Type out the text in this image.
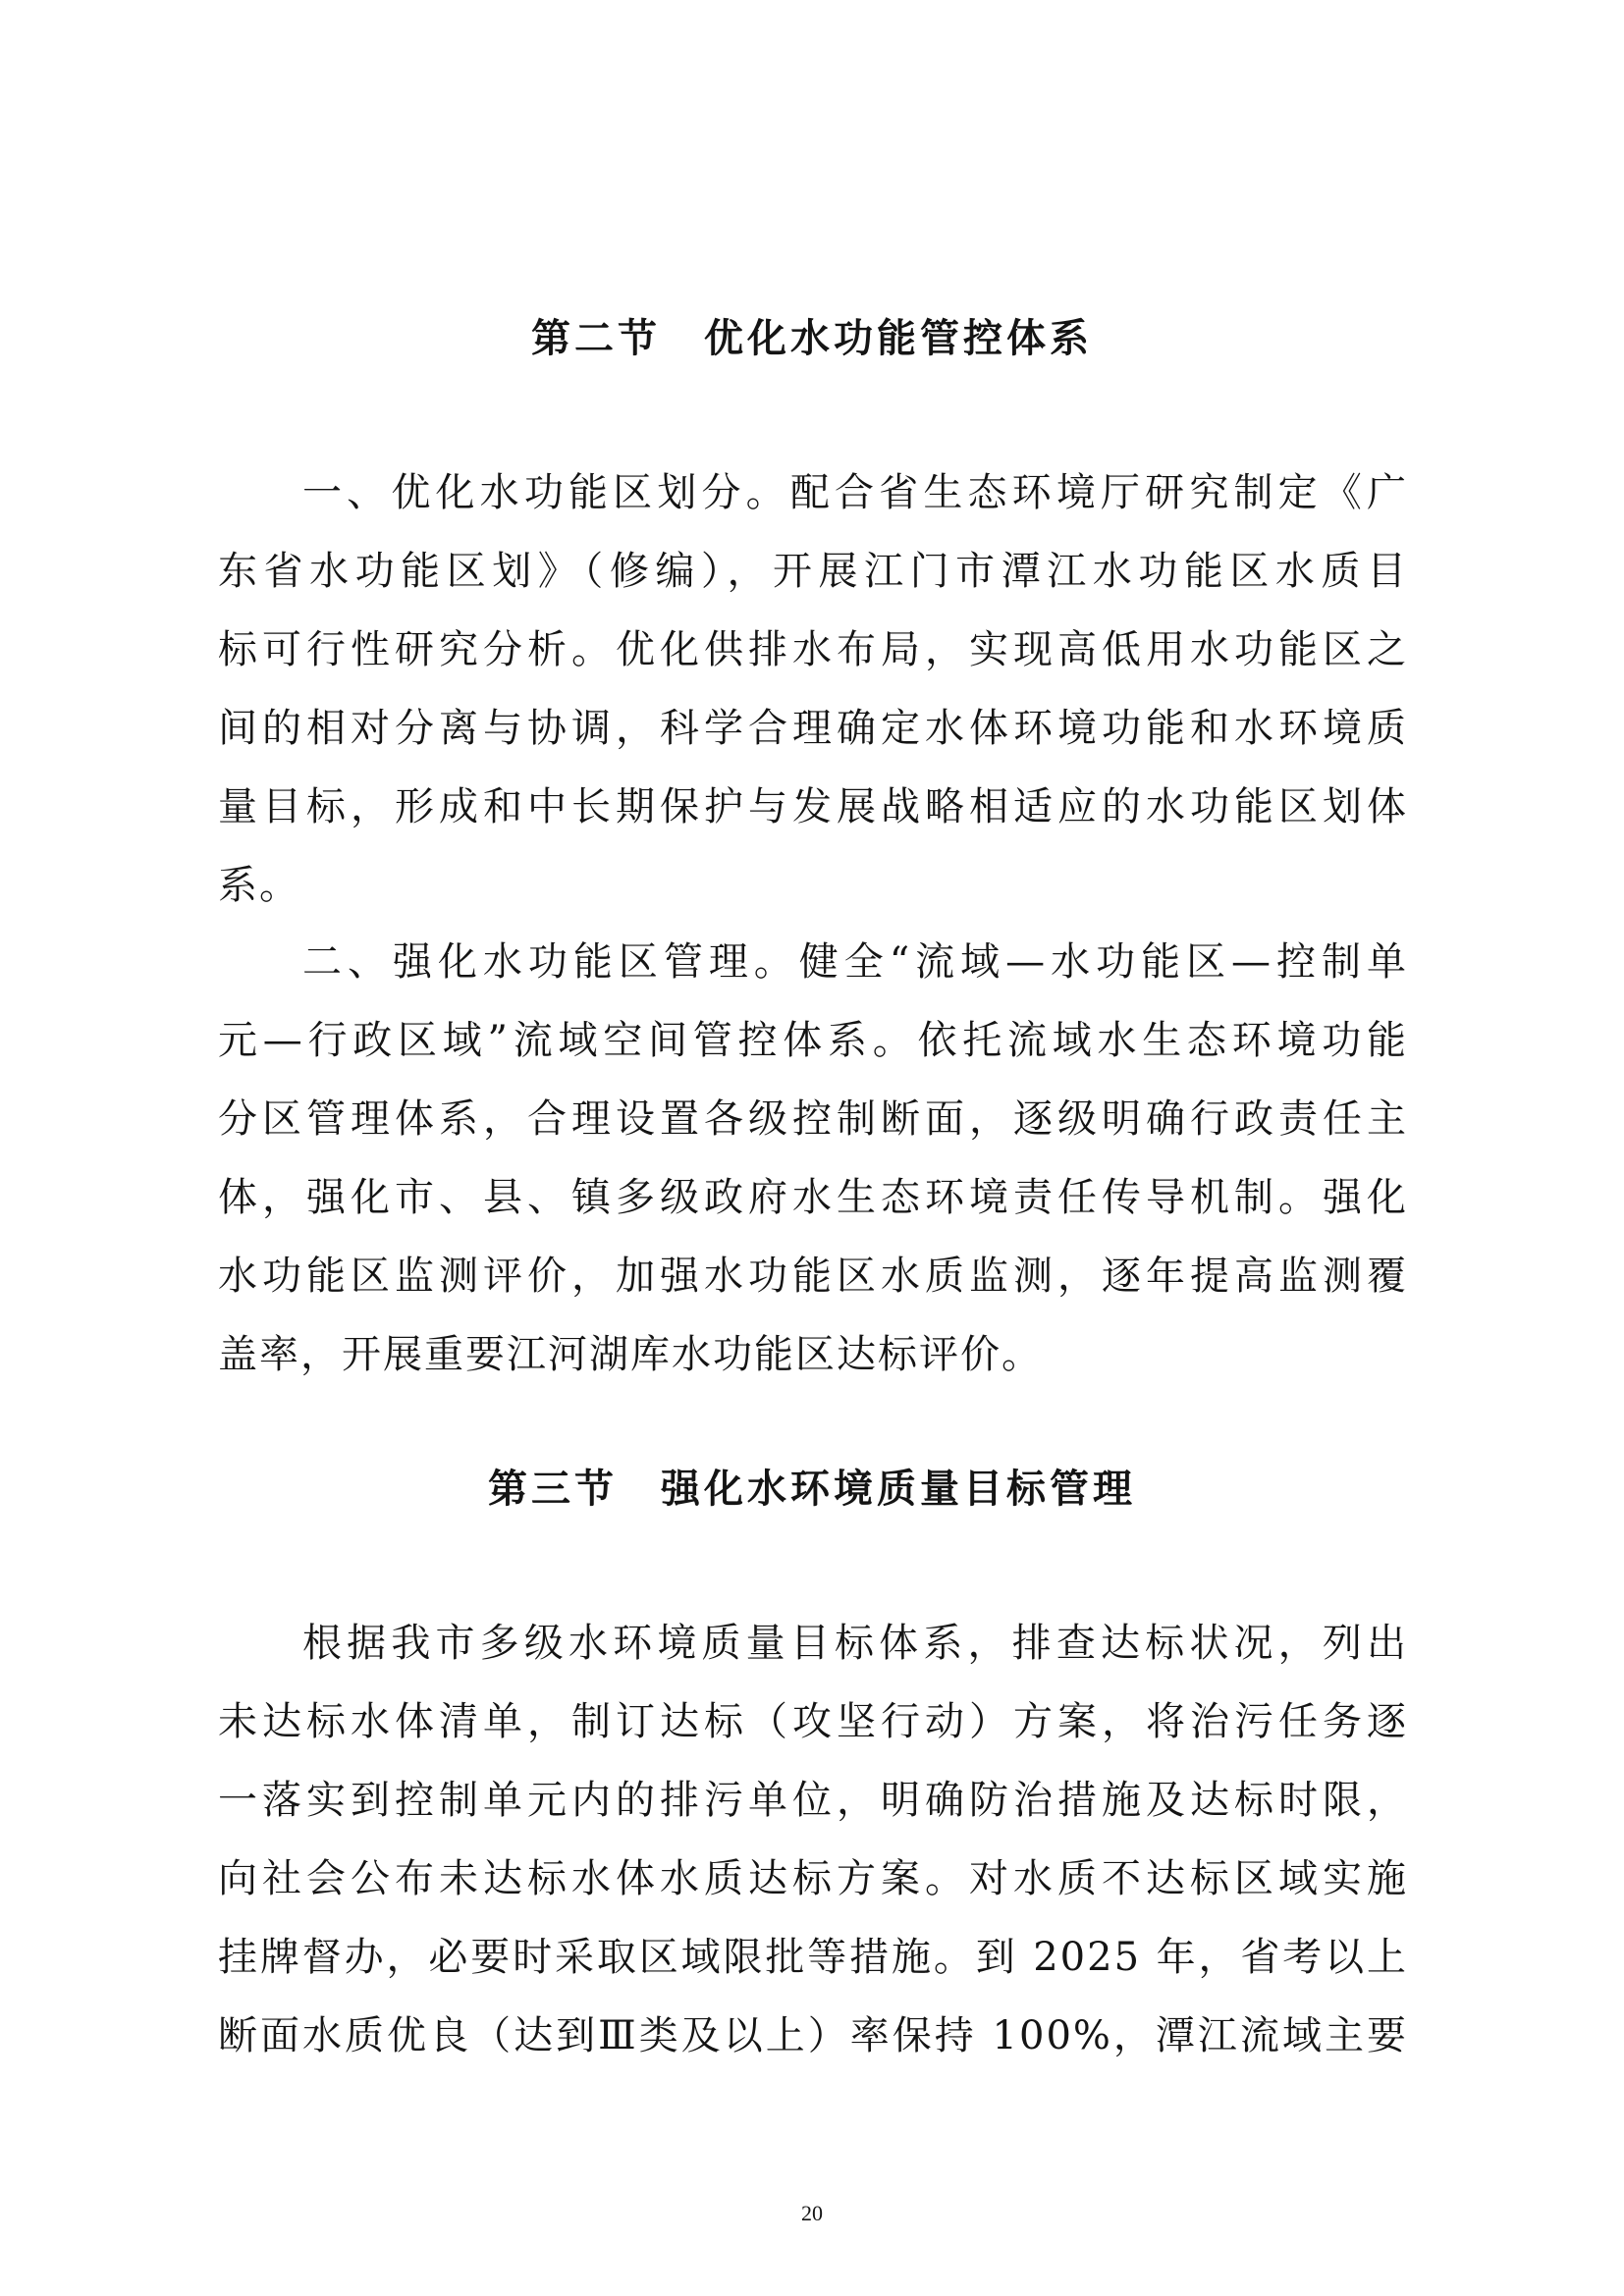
第二节　优化水功能管控体系
一、优化水功能区划分。配合省生态环境厅研究制定《广
东省水功能区划》（修编），开展江门市潭江水功能区水质目
标可行性研究分析。优化供排水布局，实现高低用水功能区之
间的相对分离与协调，科学合理确定水体环境功能和水环境质
量目标，形成和中长期保护与发展战略相适应的水功能区划体
系。
二、强化水功能区管理。健全“流域—水功能区—控制单
元—行政区域”流域空间管控体系。依托流域水生态环境功能
分区管理体系，合理设置各级控制断面，逐级明确行政责任主
体，强化市、县、镇多级政府水生态环境责任传导机制。强化
水功能区监测评价，加强水功能区水质监测，逐年提高监测覆
盖率，开展重要江河湖库水功能区达标评价。
第三节　强化水环境质量目标管理
根据我市多级水环境质量目标体系，排查达标状况，列出
未达标水体清单，制订达标（攻坚行动）方案，将治污任务逐
一落实到控制单元内的排污单位，明确防治措施及达标时限，
向社会公布未达标水体水质达标方案。对水质不达标区域实施
挂牌督办，必要时采取区域限批等措施。到 2025 年，省考以上
断面水质优良（达到Ⅲ类及以上）率保持 100%，潭江流域主要
20
